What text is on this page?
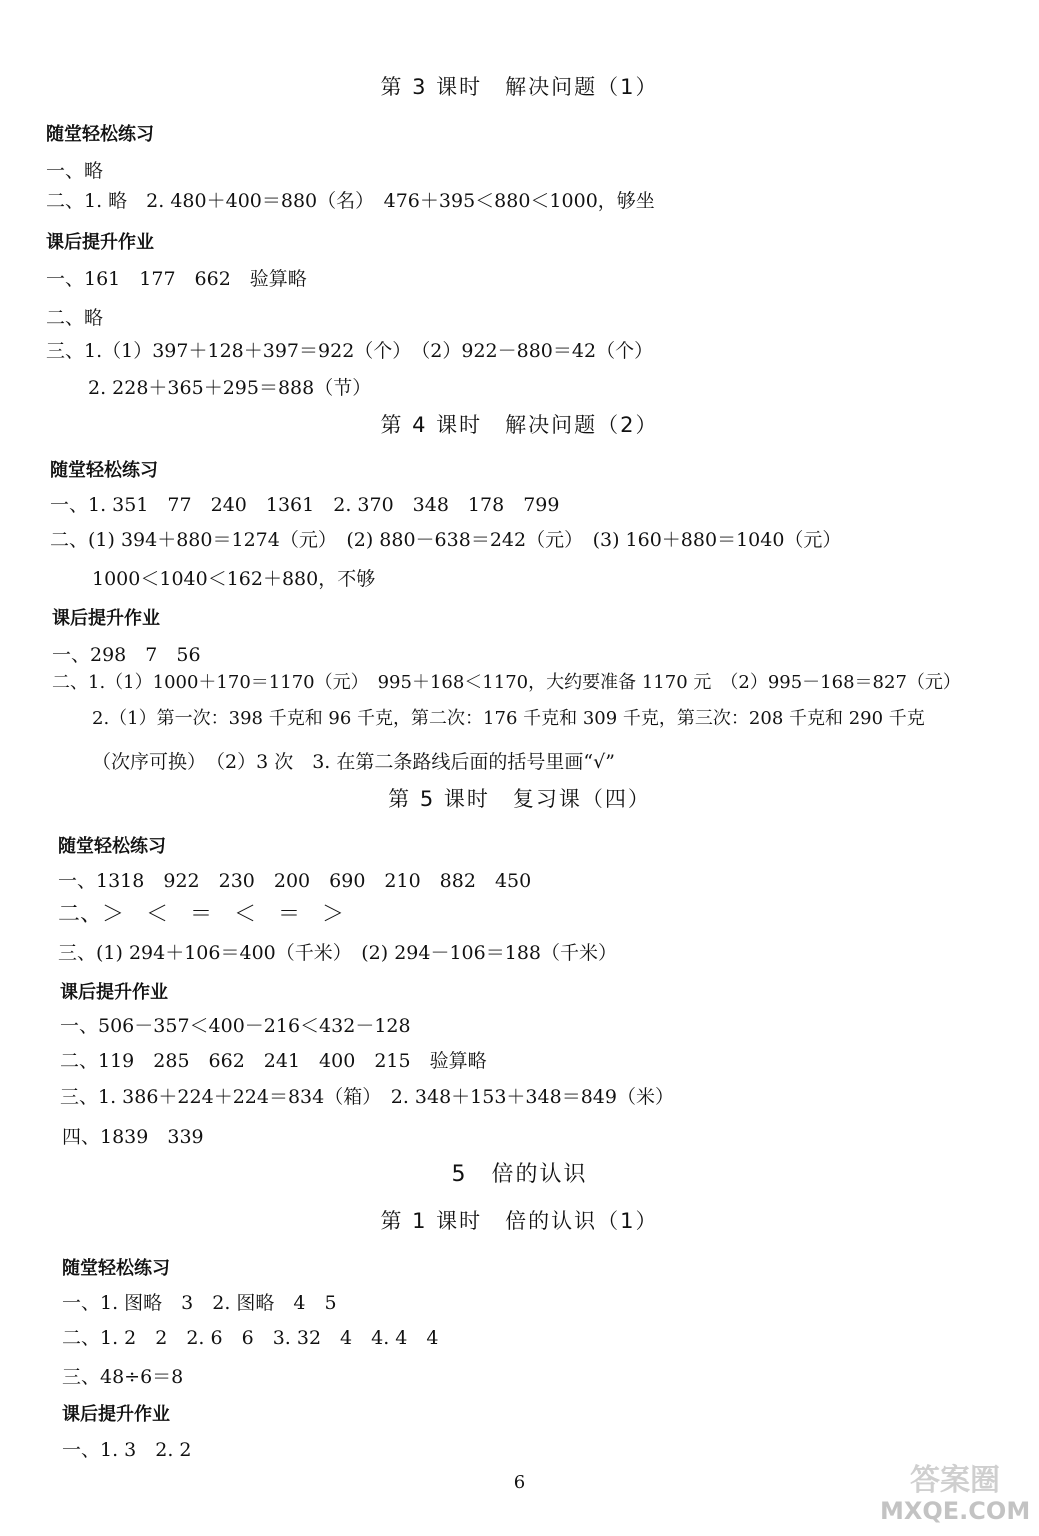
第 3 课时　解决问题（1）
随堂轻松练习
一、略
二、1. 略　2. 480＋400＝880（名）　476＋395＜880＜1000，够坐
课后提升作业
一、161　177　662　验算略
二、略
三、1.（1）397＋128＋397＝922（个）　（2）922－880＝42（个）
2. 228＋365＋295＝888（节）
第 4 课时　解决问题（2）
随堂轻松练习
一、1. 351　77　240　1361　2. 370　348　178　799
二、(1) 394＋880＝1274（元）　(2) 880－638＝242（元）　(3) 160＋880＝1040（元）
1000＜1040＜162＋880，不够
课后提升作业
一、298　7　56
二、1.（1）1000＋170＝1170（元）　995＋168＜1170，大约要准备 1170 元　（2）995－168＝827（元）
2.（1）第一次：398 千克和 96 千克，第二次：176 千克和 309 千克，第三次：208 千克和 290 千克
（次序可换）　（2）3 次　3. 在第二条路线后面的括号里画“√”
第 5 课时　复习课（四）
随堂轻松练习
一、1318　922　230　200　690　210　882　450
二、＞　＜　＝　＜　＝　＞
三、(1) 294＋106＝400（千米）　(2) 294－106＝188（千米）
课后提升作业
一、506－357＜400－216＜432－128
二、119　285　662　241　400　215　验算略
三、1. 386＋224＋224＝834（箱）　2. 348＋153＋348＝849（米）
四、1839　339
5　倍的认识
第 1 课时　倍的认识（1）
随堂轻松练习
一、1. 图略　3　2. 图略　4　5
二、1. 2　2　2. 6　6　3. 32　4　4. 4　4
三、48÷6＝8
课后提升作业
一、1. 3　2. 2
6	答案圈
MXQE.COM
